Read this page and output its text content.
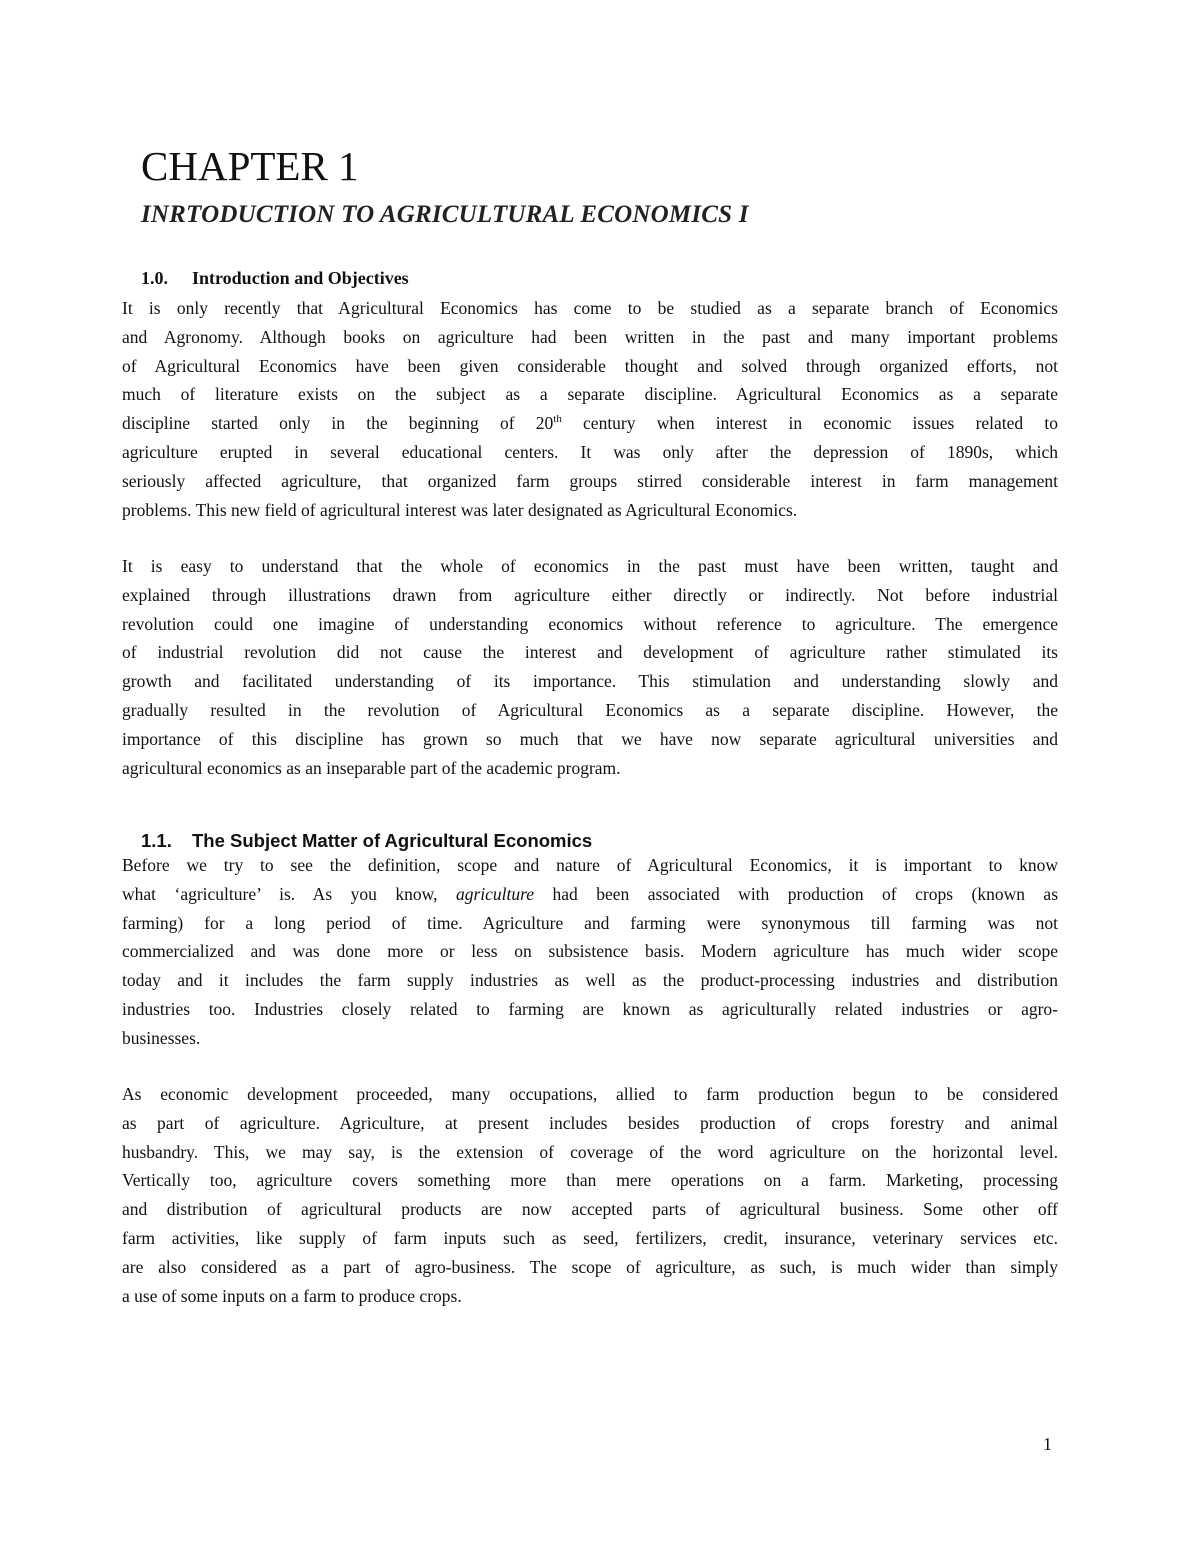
CHAPTER 1
INRTODUCTION TO AGRICULTURAL ECONOMICS I
1.0. Introduction and Objectives
It is only recently that Agricultural Economics has come to be studied as a separate branch of Economics
and Agronomy. Although books on agriculture had been written in the past and many important problems
of Agricultural Economics have been given considerable thought and solved through organized efforts, not
much of literature exists on the subject as a separate discipline. Agricultural Economics as a separate
discipline started only in the beginning of 20th century when interest in economic issues related to
agriculture erupted in several educational centers. It was only after the depression of 1890s, which
seriously affected agriculture, that organized farm groups stirred considerable interest in farm management
problems. This new field of agricultural interest was later designated as Agricultural Economics.
It is easy to understand that the whole of economics in the past must have been written, taught and
explained through illustrations drawn from agriculture either directly or indirectly. Not before industrial
revolution could one imagine of understanding economics without reference to agriculture. The emergence
of industrial revolution did not cause the interest and development of agriculture rather stimulated its
growth and facilitated understanding of its importance. This stimulation and understanding slowly and
gradually resulted in the revolution of Agricultural Economics as a separate discipline. However, the
importance of this discipline has grown so much that we have now separate agricultural universities and
agricultural economics as an inseparable part of the academic program.
1.1. The Subject Matter of Agricultural Economics
Before we try to see the definition, scope and nature of Agricultural Economics, it is important to know
what ‘agriculture’ is. As you know, agriculture had been associated with production of crops (known as
farming) for a long period of time. Agriculture and farming were synonymous till farming was not
commercialized and was done more or less on subsistence basis. Modern agriculture has much wider scope
today and it includes the farm supply industries as well as the product-processing industries and distribution
industries too. Industries closely related to farming are known as agriculturally related industries or agro-
businesses.
As economic development proceeded, many occupations, allied to farm production begun to be considered
as part of agriculture. Agriculture, at present includes besides production of crops forestry and animal
husbandry. This, we may say, is the extension of coverage of the word agriculture on the horizontal level.
Vertically too, agriculture covers something more than mere operations on a farm. Marketing, processing
and distribution of agricultural products are now accepted parts of agricultural business. Some other off
farm activities, like supply of farm inputs such as seed, fertilizers, credit, insurance, veterinary services etc.
are also considered as a part of agro-business. The scope of agriculture, as such, is much wider than simply
a use of some inputs on a farm to produce crops.
1
